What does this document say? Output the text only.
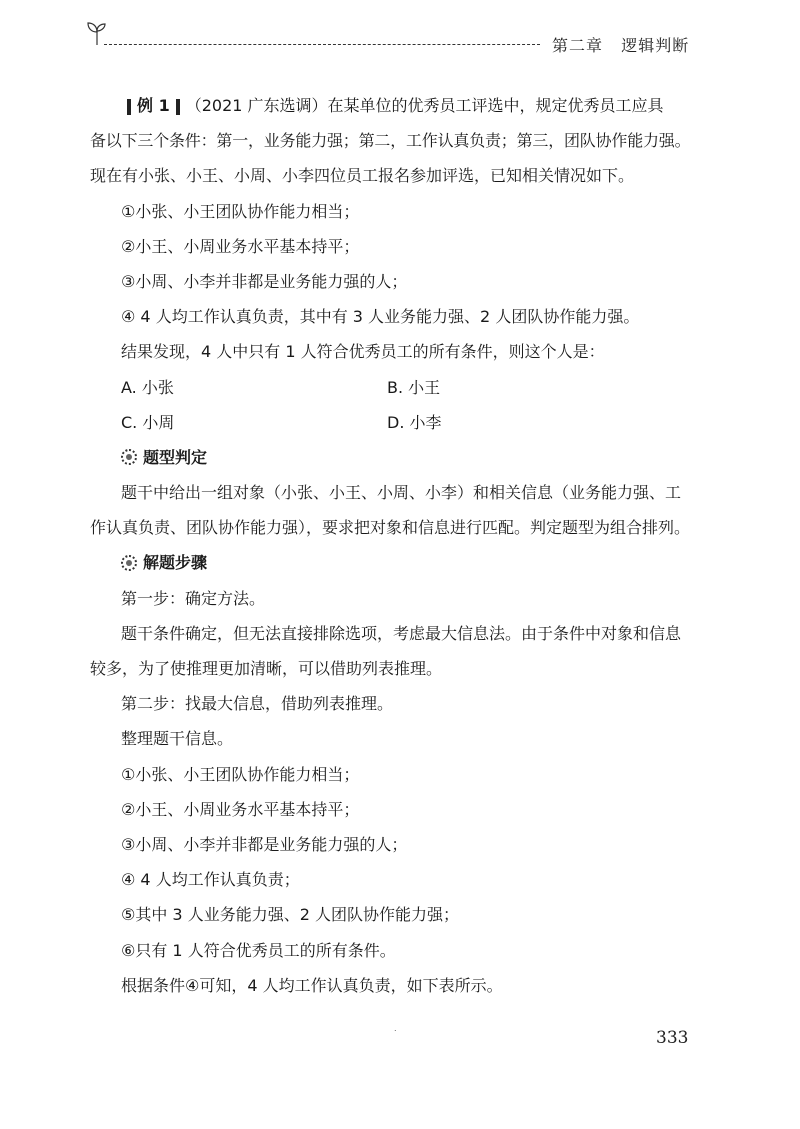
第二章 逻辑判断
例 1 （2021 广东选调）在某单位的优秀员工评选中，规定优秀员工应具
备以下三个条件：第一，业务能力强；第二，工作认真负责；第三，团队协作能力强。
现在有小张、小王、小周、小李四位员工报名参加评选，已知相关情况如下。
①小张、小王团队协作能力相当；
②小王、小周业务水平基本持平；
③小周、小李并非都是业务能力强的人；
④ 4 人均工作认真负责，其中有 3 人业务能力强、2 人团队协作能力强。
结果发现，4 人中只有 1 人符合优秀员工的所有条件，则这个人是：
A. 小张	B. 小王
C. 小周	D. 小李
题型判定
题干中给出一组对象（小张、小王、小周、小李）和相关信息（业务能力强、工
作认真负责、团队协作能力强），要求把对象和信息进行匹配。判定题型为组合排列。
解题步骤
第一步：确定方法。
题干条件确定，但无法直接排除选项，考虑最大信息法。由于条件中对象和信息
较多，为了使推理更加清晰，可以借助列表推理。
第二步：找最大信息，借助列表推理。
整理题干信息。
①小张、小王团队协作能力相当；
②小王、小周业务水平基本持平；
③小周、小李并非都是业务能力强的人；
④ 4 人均工作认真负责；
⑤其中 3 人业务能力强、2 人团队协作能力强；
⑥只有 1 人符合优秀员工的所有条件。
根据条件④可知，4 人均工作认真负责，如下表所示。
.	333
